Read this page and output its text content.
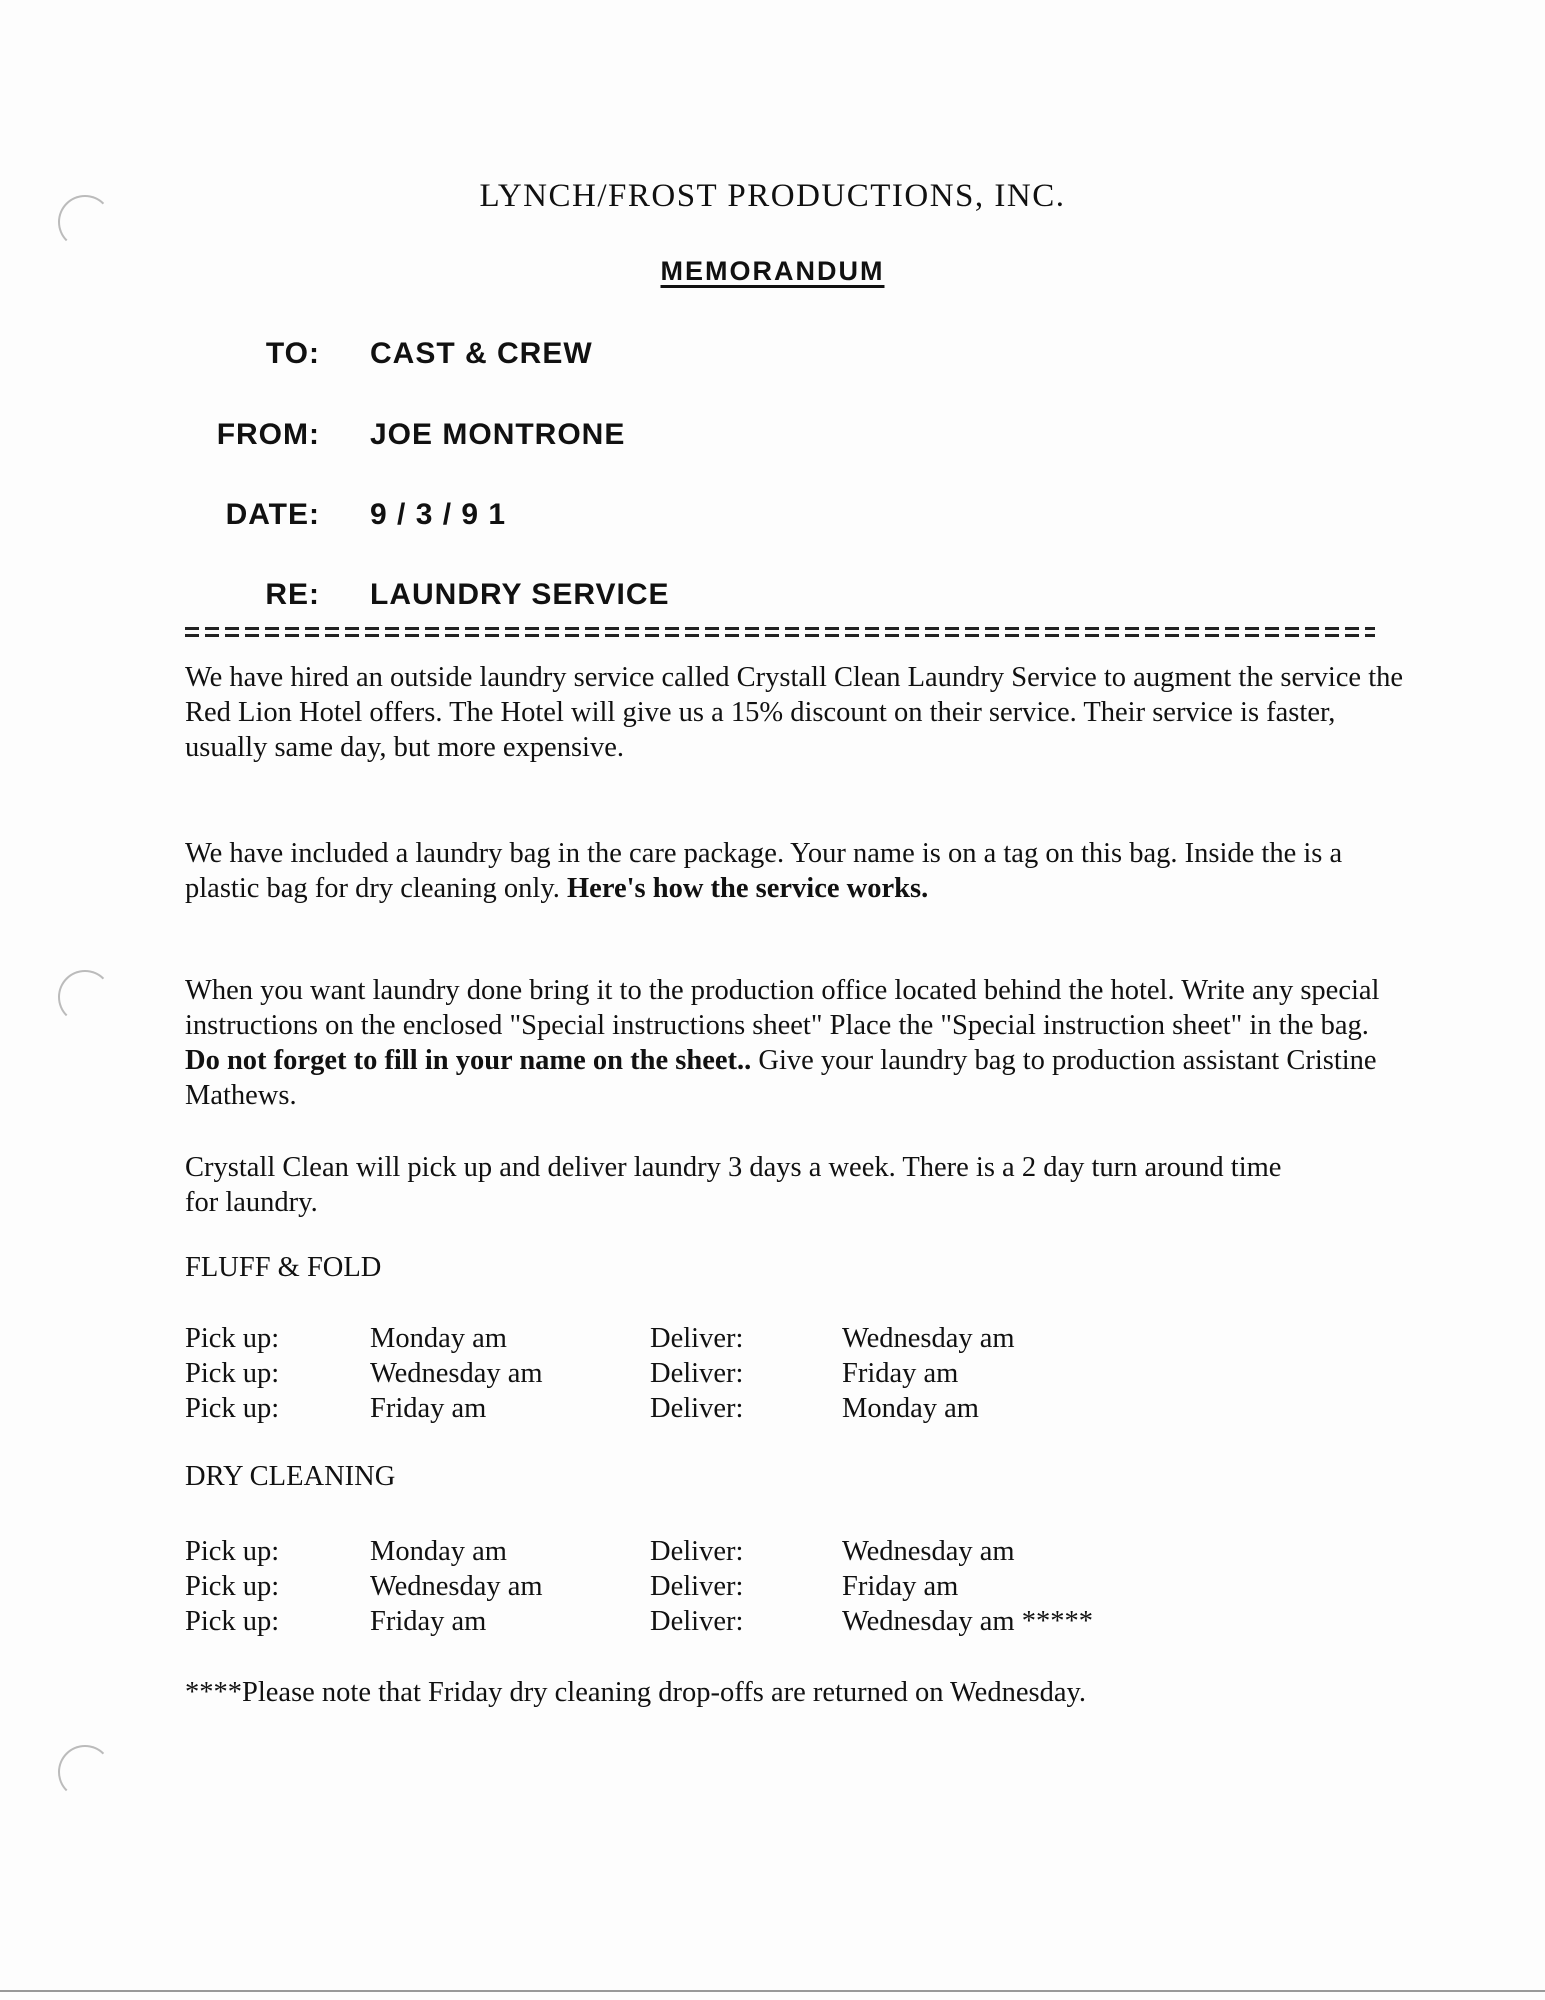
LYNCH/FROST PRODUCTIONS, INC.
MEMORANDUM
TO: CAST & CREW
FROM: JOE MONTRONE
DATE: 9 / 3 / 9 1
RE: LAUNDRY SERVICE

We have hired an outside laundry service called Crystall Clean Laundry Service to augment the service the Red Lion Hotel offers. The Hotel will give us a 15% discount on their service. Their service is faster, usually same day, but more expensive.

We have included a laundry bag in the care package. Your name is on a tag on this bag. Inside the is a plastic bag for dry cleaning only. Here's how the service works.

When you want laundry done bring it to the production office located behind the hotel. Write any special instructions on the enclosed "Special instructions sheet" Place the "Special instruction sheet" in the bag. Do not forget to fill in your name on the sheet.. Give your laundry bag to production assistant Cristine Mathews.

Crystall Clean will pick up and deliver laundry 3 days a week. There is a 2 day turn around time for laundry.

FLUFF & FOLD
Pick up:	Monday am	Deliver:	Wednesday am
Pick up:	Wednesday am	Deliver:	Friday am
Pick up:	Friday am	Deliver:	Monday am
DRY CLEANING
Pick up:	Monday am	Deliver:	Wednesday am
Pick up:	Wednesday am	Deliver:	Friday am
Pick up:	Friday am	Deliver:	Wednesday am *****
****Please note that Friday dry cleaning drop-offs are returned on Wednesday.
